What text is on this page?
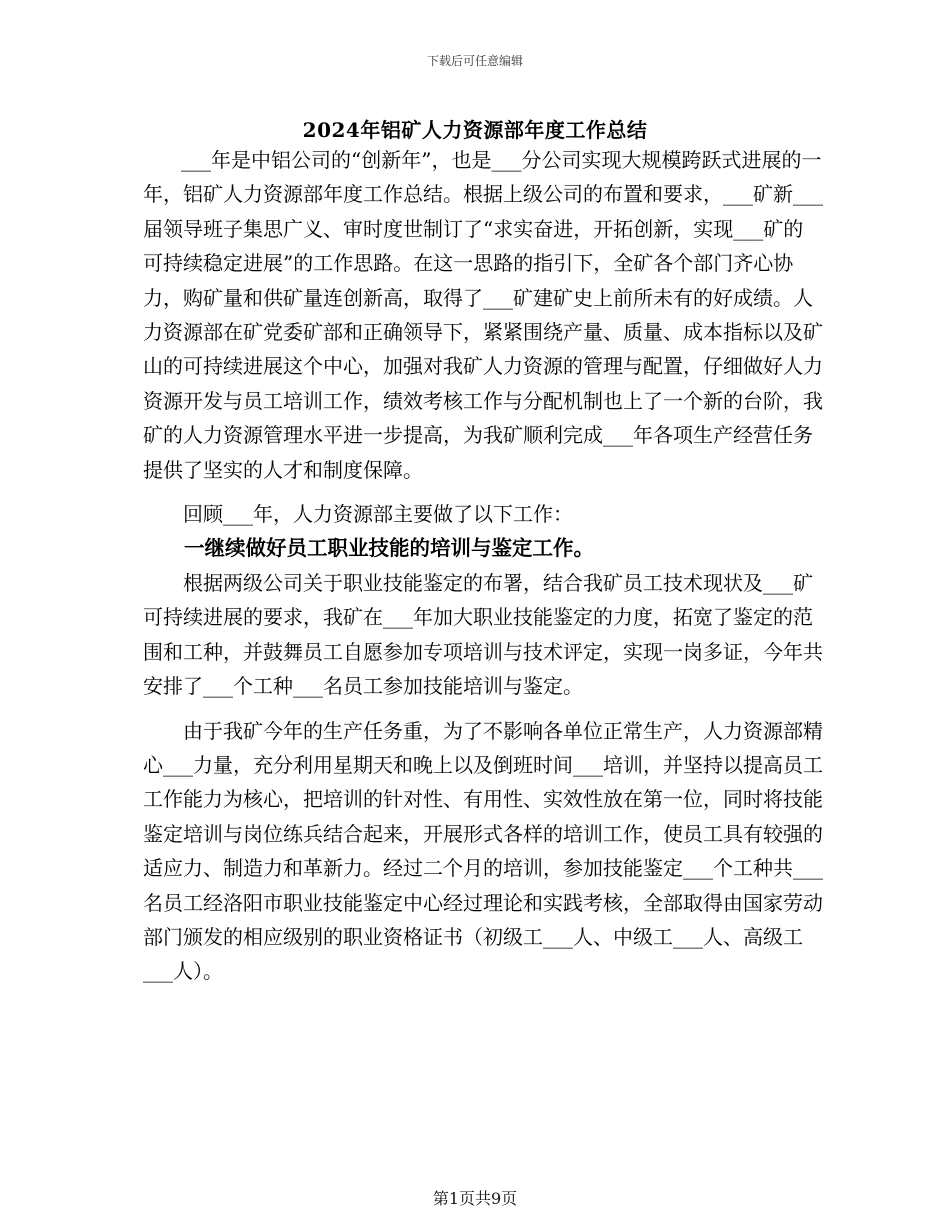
下载后可任意编辑
2024年铝矿人力资源部年度工作总结

___年是中铝公司的“创新年”，也是___分公司实现大规模跨跃式进展的一年，铝矿人力资源部年度工作总结。根据上级公司的布置和要求，___矿新___届领导班子集思广义、审时度世制订了“求实奋进，开拓创新，实现___矿的可持续稳定进展”的工作思路。在这一思路的指引下，全矿各个部门齐心协力，购矿量和供矿量连创新高，取得了___矿建矿史上前所未有的好成绩。人力资源部在矿党委矿部和正确领导下，紧紧围绕产量、质量、成本指标以及矿山的可持续进展这个中心，加强对我矿人力资源的管理与配置，仔细做好人力资源开发与员工培训工作，绩效考核工作与分配机制也上了一个新的台阶，我矿的人力资源管理水平进一步提高，为我矿顺利完成___年各项生产经营任务提供了坚实的人才和制度保障。

回顾___年，人力资源部主要做了以下工作：

一继续做好员工职业技能的培训与鉴定工作。

根据两级公司关于职业技能鉴定的布署，结合我矿员工技术现状及___矿可持续进展的要求，我矿在___年加大职业技能鉴定的力度，拓宽了鉴定的范围和工种，并鼓舞员工自愿参加专项培训与技术评定，实现一岗多证，今年共安排了___个工种___名员工参加技能培训与鉴定。

由于我矿今年的生产任务重，为了不影响各单位正常生产，人力资源部精心___力量，充分利用星期天和晚上以及倒班时间___培训，并坚持以提高员工工作能力为核心，把培训的针对性、有用性、实效性放在第一位，同时将技能鉴定培训与岗位练兵结合起来，开展形式各样的培训工作，使员工具有较强的适应力、制造力和革新力。经过二个月的培训，参加技能鉴定___个工种共___名员工经洛阳市职业技能鉴定中心经过理论和实践考核，全部取得由国家劳动部门颁发的相应级别的职业资格证书（初级工___人、中级工___人、高级工___人）。

第1页共9页
